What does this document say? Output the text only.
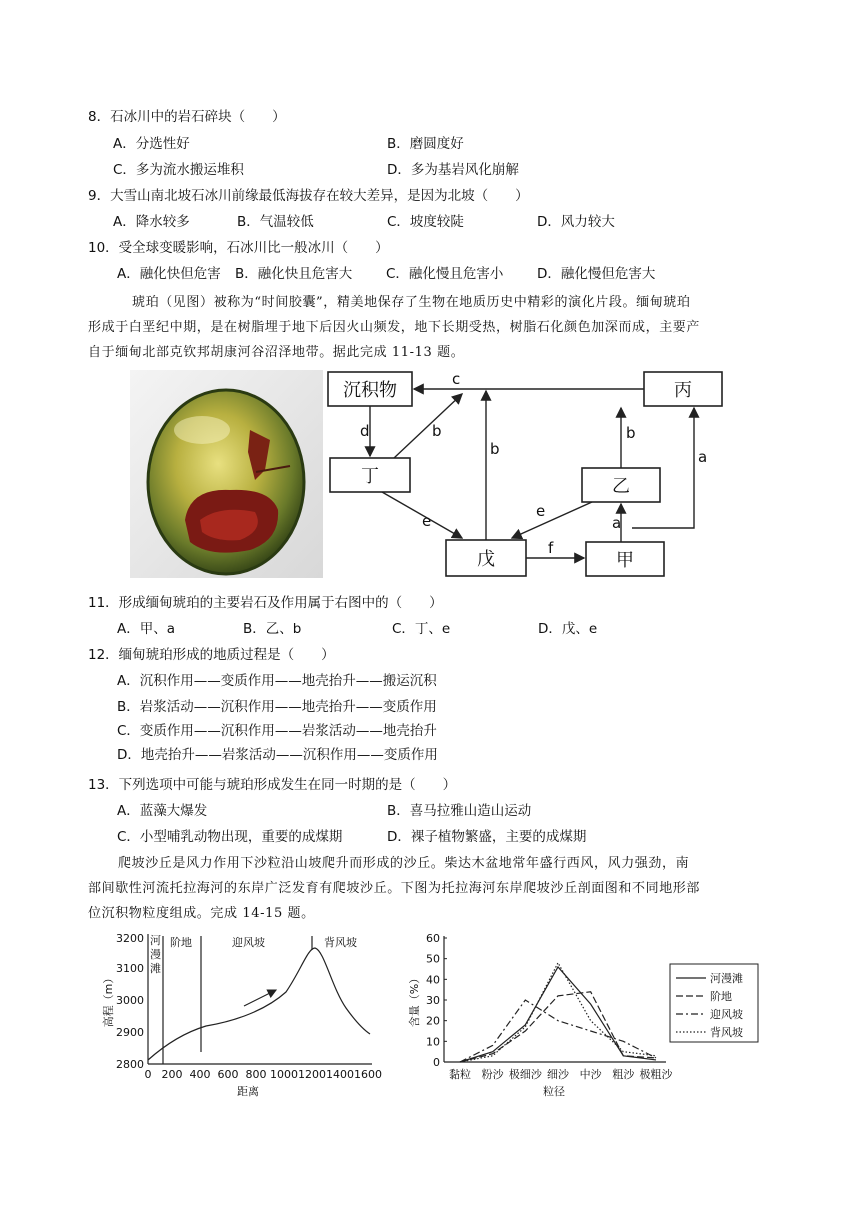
8．石冰川中的岩石碎块（　　）
A．分选性好	B．磨圆度好
C．多为流水搬运堆积	D．多为基岩风化崩解
9．大雪山南北坡石冰川前缘最低海拔存在较大差异，是因为北坡（　　）
A．降水较多	B．气温较低	C．坡度较陡	D．风力较大
10．受全球变暖影响，石冰川比一般冰川（　　）
A．融化快但危害 B．融化快且危害大 C．融化慢且危害小 D．融化慢但危害大
琥珀（见图）被称为“时间胶囊”，精美地保存了生物在地质历史中精彩的演化片段。缅甸琥珀
形成于白垩纪中期，是在树脂埋于地下后因火山频发，地下长期受热，树脂石化颜色加深而成，主要产
自于缅甸北部克钦邦胡康河谷沼泽地带。据此完成 11-13 题。
沉积物	丙
丁	乙
戊	甲
c
d	b
b
b
a
a
e
e
f
11．形成缅甸琥珀的主要岩石及作用属于右图中的（　　）
A．甲、a	B．乙、b	C．丁、e	D．戊、e
12．缅甸琥珀形成的地质过程是（　　）
A．沉积作用——变质作用——地壳抬升——搬运沉积
B．岩浆活动——沉积作用——地壳抬升——变质作用
C．变质作用——沉积作用——岩浆活动——地壳抬升
D．地壳抬升——岩浆活动——沉积作用——变质作用
13．下列选项中可能与琥珀形成发生在同一时期的是（　　）
A．蓝藻大爆发	B．喜马拉雅山造山运动
C．小型哺乳动物出现，重要的成煤期	D．裸子植物繁盛，主要的成煤期
爬坡沙丘是风力作用下沙粒沿山坡爬升而形成的沙丘。柴达木盆地常年盛行西风，风力强劲，南
部间歇性河流托拉海河的东岸广泛发育有爬坡沙丘。下图为托拉海河东岸爬坡沙丘剖面图和不同地形部
位沉积物粒度组成。完成 14-15 题。
河
漫
滩
阶地	迎风坡	背风坡
3200
3100
3000
2900
2800
0 200 400 600 800 1000 1200 1400 1600
距离
高程（m）
60
50
40
30
20
10
0
黏粒 粉沙 极细沙 细沙 中沙 粗沙 极粗沙
河漫滩
阶地
迎风坡
背风坡
含量（%）
粒径
